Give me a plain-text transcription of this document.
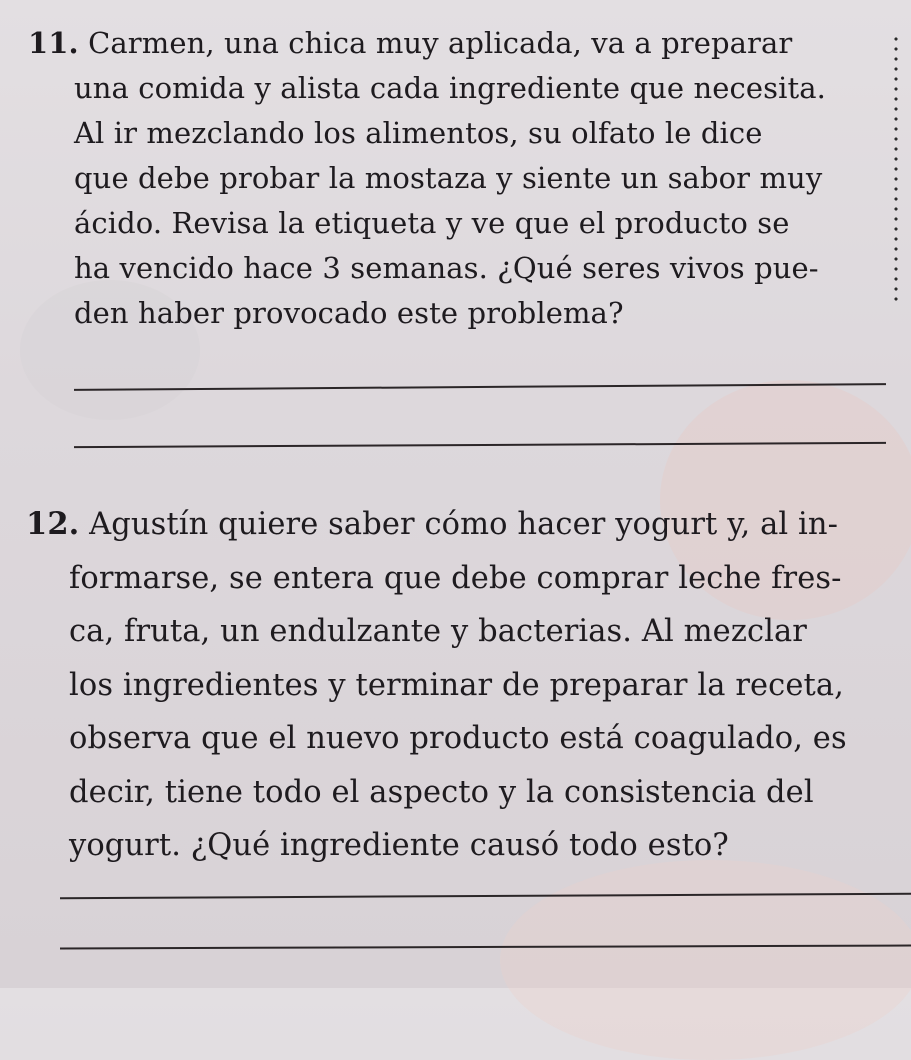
11. Carmen, una chica muy aplicada, va a preparar
una comida y alista cada ingrediente que necesita.
Al ir mezclando los alimentos, su olfato le dice
que debe probar la mostaza y siente un sabor muy
ácido. Revisa la etiqueta y ve que el producto se
ha vencido hace 3 semanas. ¿Qué seres vivos pue-
den haber provocado este problema?
12. Agustín quiere saber cómo hacer yogurt y, al in-
formarse, se entera que debe comprar leche fres-
ca, fruta, un endulzante y bacterias. Al mezclar
los ingredientes y terminar de preparar la receta,
observa que el nuevo producto está coagulado, es
decir, tiene todo el aspecto y la consistencia del
yogurt. ¿Qué ingrediente causó todo esto?
